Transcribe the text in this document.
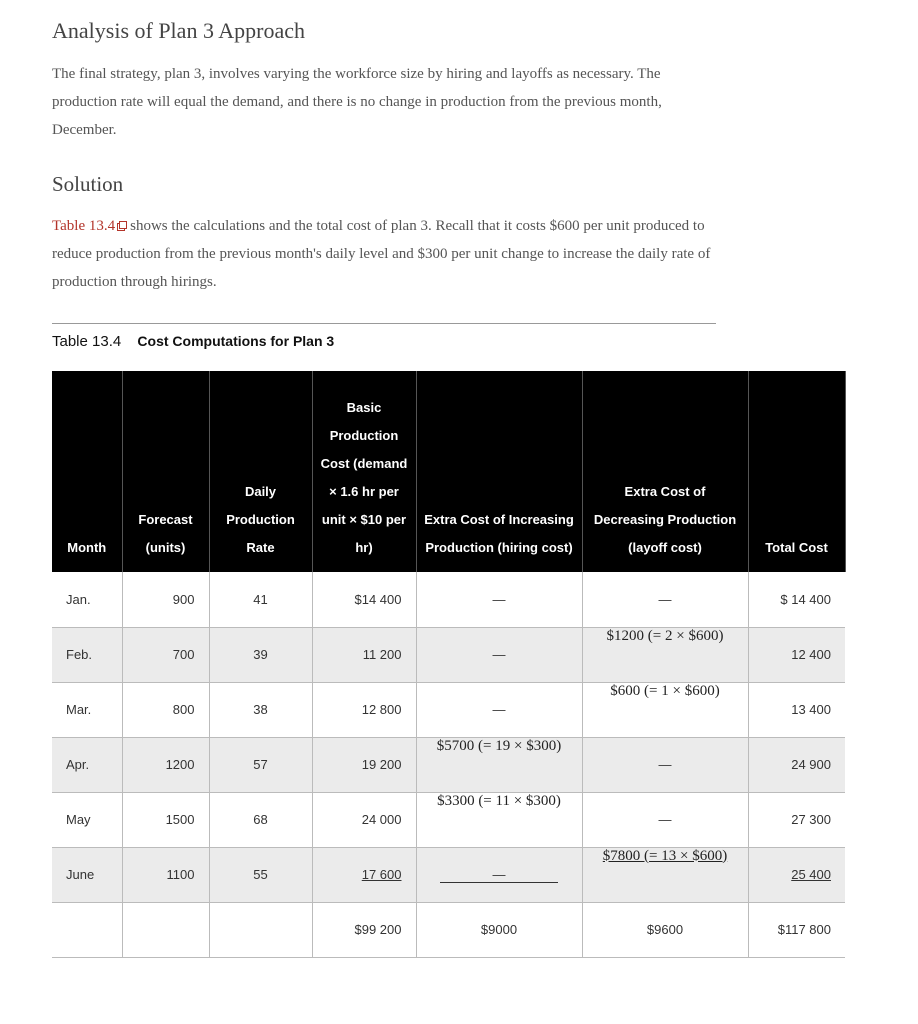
Analysis of Plan 3 Approach
The final strategy, plan 3, involves varying the workforce size by hiring and layoffs as necessary. The production rate will equal the demand, and there is no change in production from the previous month, December.
Solution
Table 13.4 shows the calculations and the total cost of plan 3. Recall that it costs $600 per unit produced to reduce production from the previous month's daily level and $300 per unit change to increase the daily rate of production through hirings.
Table 13.4 Cost Computations for Plan 3
Month	Forecast (units)	Daily Production Rate	Basic Production Cost (demand × 1.6 hr per unit × $10 per hr)	Extra Cost of Increasing Production (hiring cost)	Extra Cost of Decreasing Production (layoff cost)	Total Cost
Jan.	900	41	$14 400	—	—	$ 14 400
Feb.	700	39	11 200	—	$1200 (= 2 × $600)	12 400
Mar.	800	38	12 800	—	$600 (= 1 × $600)	13 400
Apr.	1200	57	19 200	$5700 (= 19 × $300)	—	24 900
May	1500	68	24 000	$3300 (= 11 × $300)	—	27 300
June	1100	55	17 600	—	$7800 (= 13 × $600)	25 400
			$99 200	$9000	$9600	$117 800
